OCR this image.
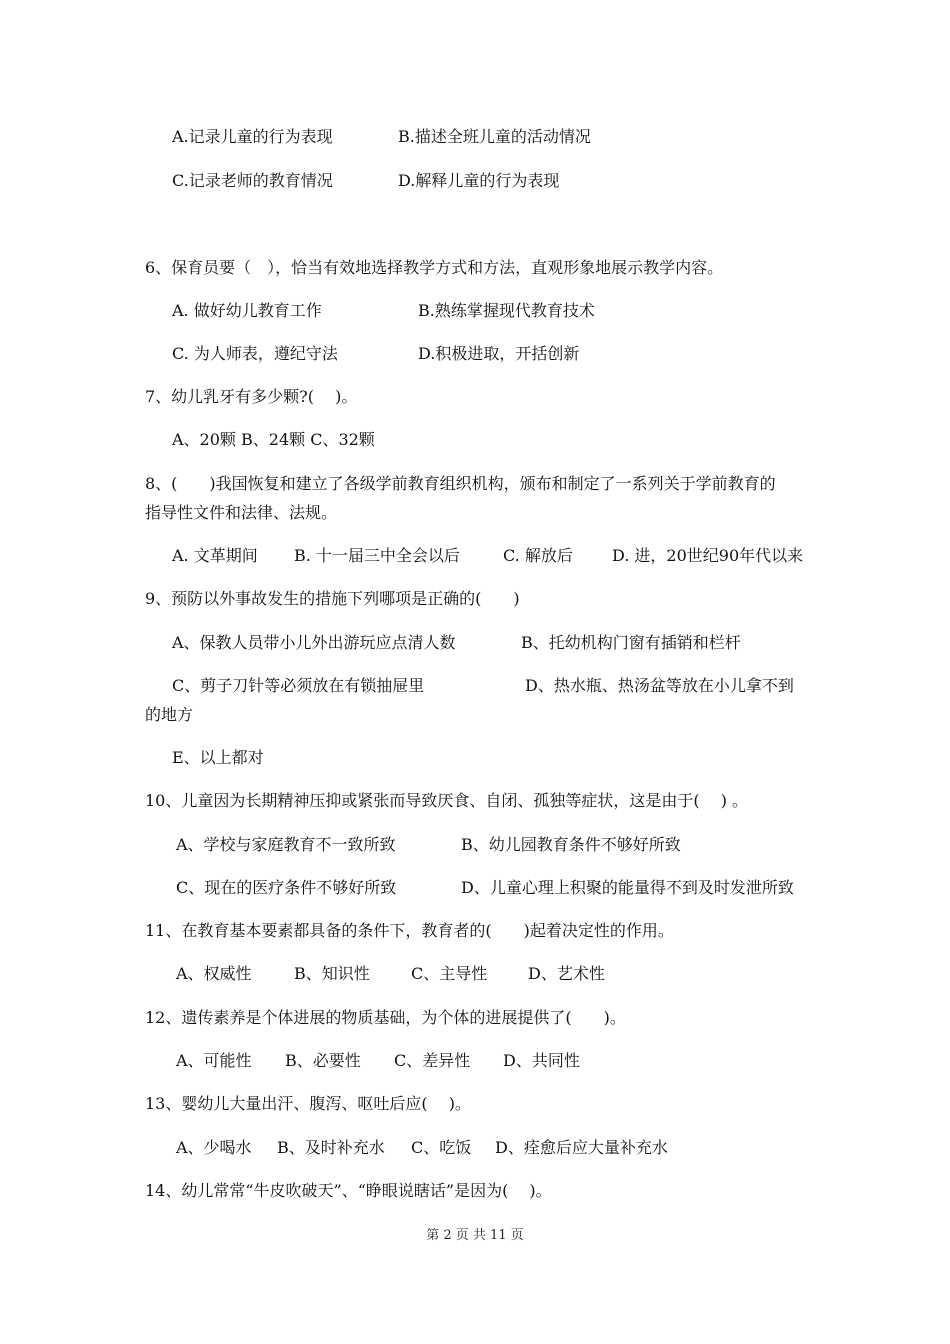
A.记录儿童的行为表现	B.描述全班儿童的活动情况
C.记录老师的教育情况	D.解释儿童的行为表现
6、保育员要（　），恰当有效地选择教学方式和方法，直观形象地展示教学内容。
A. 做好幼儿教育工作	B.熟练掌握现代教育技术
C. 为人师表，遵纪守法	D.积极进取，开括创新
7、幼儿乳牙有多少颗?(　 )。
A、20颗 B、24颗 C、32颗
8、(　　)我国恢复和建立了各级学前教育组织机构，颁布和制定了一系列关于学前教育的
指导性文件和法律、法规。
A. 文革期间 B. 十一届三中全会以后	C. 解放后 D. 进，20世纪90年代以来
9、预防以外事故发生的措施下列哪项是正确的(　　)
A、保教人员带小儿外出游玩应点清人数	B、托幼机构门窗有插销和栏杆
C、剪子刀针等必须放在有锁抽屉里	D、热水瓶、热汤盆等放在小儿拿不到
的地方
E、以上都对
10、儿童因为长期精神压抑或紧张而导致厌食、自闭、孤独等症状，这是由于(　 ) 。
A、学校与家庭教育不一致所致	B、幼儿园教育条件不够好所致
C、现在的医疗条件不够好所致	D、儿童心理上积聚的能量得不到及时发泄所致
11、在教育基本要素都具备的条件下，教育者的(　　)起着决定性的作用。
A、权威性	B、知识性	C、主导性	D、艺术性
12、遗传素养是个体进展的物质基础，为个体的进展提供了(　　)。
A、可能性 B、必要性 C、差异性 D、共同性
13、婴幼儿大量出汗、腹泻、呕吐后应(　 )。
A、少喝水 B、及时补充水 C、吃饭 D、痊愈后应大量补充水
14、幼儿常常“牛皮吹破天”、“睁眼说瞎话”是因为(　 )。
第 2 页 共 11 页
